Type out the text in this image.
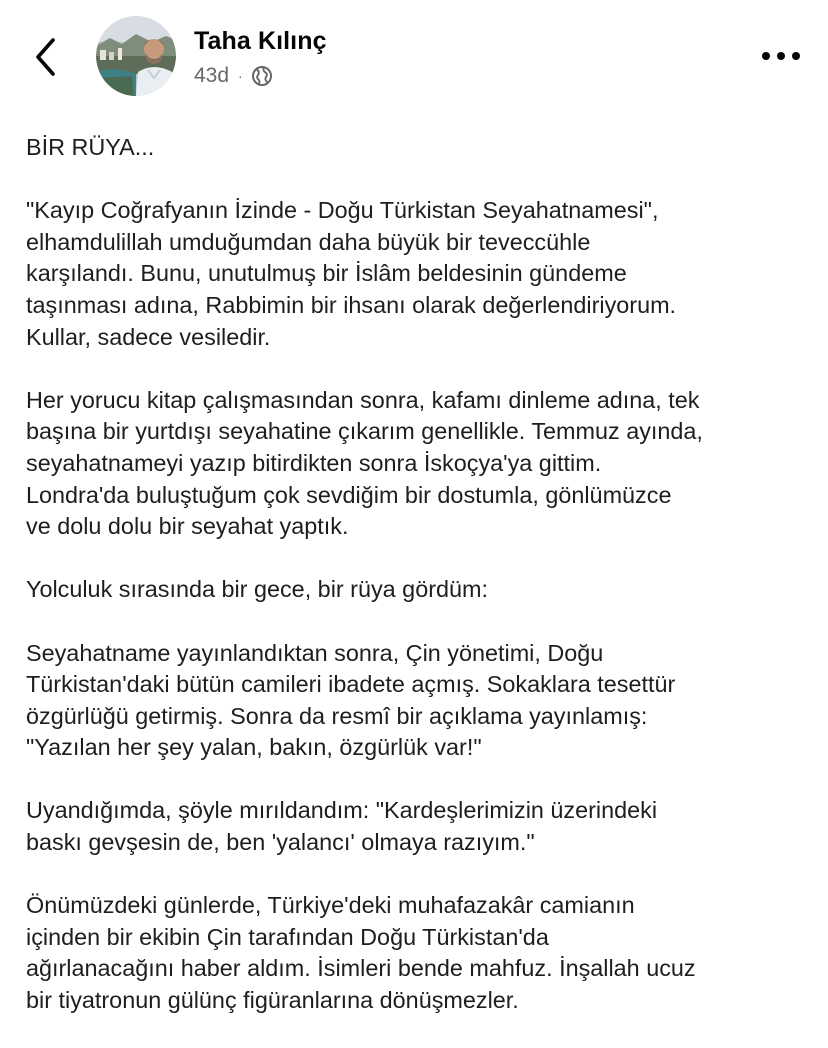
Taha Kılınç
43d ·

BİR RÜYA...

"Kayıp Coğrafyanın İzinde - Doğu Türkistan Seyahatnamesi",
elhamdulillah umduğumdan daha büyük bir teveccühle
karşılandı. Bunu, unutulmuş bir İslâm beldesinin gündeme
taşınması adına, Rabbimin bir ihsanı olarak değerlendiriyorum.
Kullar, sadece vesiledir.

Her yorucu kitap çalışmasından sonra, kafamı dinleme adına, tek
başına bir yurtdışı seyahatine çıkarım genellikle. Temmuz ayında,
seyahatnameyi yazıp bitirdikten sonra İskoçya'ya gittim.
Londra'da buluştuğum çok sevdiğim bir dostumla, gönlümüzce
ve dolu dolu bir seyahat yaptık.

Yolculuk sırasında bir gece, bir rüya gördüm:

Seyahatname yayınlandıktan sonra, Çin yönetimi, Doğu
Türkistan'daki bütün camileri ibadete açmış. Sokaklara tesettür
özgürlüğü getirmiş. Sonra da resmî bir açıklama yayınlamış:
"Yazılan her şey yalan, bakın, özgürlük var!"

Uyandığımda, şöyle mırıldandım: "Kardeşlerimizin üzerindeki
baskı gevşesin de, ben 'yalancı' olmaya razıyım."

Önümüzdeki günlerde, Türkiye'deki muhafazakâr camianın
içinden bir ekibin Çin tarafından Doğu Türkistan'da
ağırlanacağını haber aldım. İsimleri bende mahfuz. İnşallah ucuz
bir tiyatronun gülünç figüranlarına dönüşmezler.
